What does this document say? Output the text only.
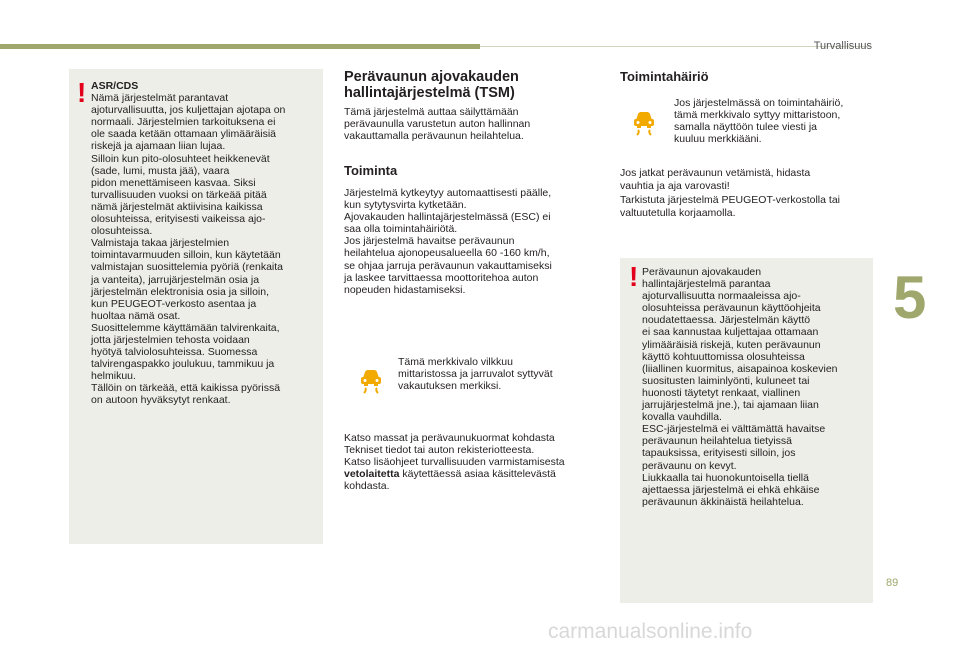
Turvallisuus
! ASR/CDS
Nämä järjestelmät parantavat
ajoturvallisuutta, jos kuljettajan ajotapa on
normaali. Järjestelmien tarkoituksena ei
ole saada ketään ottamaan ylimääräisiä
riskejä ja ajamaan liian lujaa.
Silloin kun pito-olosuhteet heikkenevät
(sade, lumi, musta jää), vaara
pidon menettämiseen kasvaa. Siksi
turvallisuuden vuoksi on tärkeää pitää
nämä järjestelmät aktiivisina kaikissa
olosuhteissa, erityisesti vaikeissa ajo-
olosuhteissa.
Valmistaja takaa järjestelmien
toimintavarmuuden silloin, kun käytetään
valmistajan suosittelemia pyöriä (renkaita
ja vanteita), jarrujärjestelmän osia ja
järjestelmän elektronisia osia ja silloin,
kun PEUGEOT-verkosto asentaa ja
huoltaa nämä osat.
Suosittelemme käyttämään talvirenkaita,
jotta järjestelmien tehosta voidaan
hyötyä talviolosuhteissa. Suomessa
talvirengaspakko joulukuu, tammikuu ja
helmikuu.
Tällöin on tärkeää, että kaikissa pyörissä
on autoon hyväksytyt renkaat.
Perävaunun ajovakauden
hallintajärjestelmä (TSM)
Tämä järjestelmä auttaa säilyttämään
perävaunulla varustetun auton hallinnan
vakauttamalla perävaunun heilahtelua.
Toiminta
Järjestelmä kytkeytyy automaattisesti päälle,
kun sytytysvirta kytketään.
Ajovakauden hallintajärjestelmässä (ESC) ei
saa olla toimintahäiriötä.
Jos järjestelmä havaitse perävaunun
heilahtelua ajonopeusalueella 60 -160 km/h,
se ohjaa jarruja perävaunun vakauttamiseksi
ja laskee tarvittaessa moottoritehoa auton
nopeuden hidastamiseksi.
Tämä merkkivalo vilkkuu
mittaristossa ja jarruvalot syttyvät
vakautuksen merkiksi.
Katso massat ja perävaunukuormat kohdasta
Tekniset tiedot tai auton rekisteriotteesta.
Katso lisäohjeet turvallisuuden varmistamisesta
vetolaitetta käytettäessä asiaa käsittelevästä
kohdasta.
Toimintahäiriö
Jos järjestelmässä on toimintahäiriö,
tämä merkkivalo syttyy mittaristoon,
samalla näyttöön tulee viesti ja
kuuluu merkkiääni.
Jos jatkat perävaunun vetämistä, hidasta
vauhtia ja aja varovasti!
Tarkistuta järjestelmä PEUGEOT-verkostolla tai
valtuutetulla korjaamolla.
! Perävaunun ajovakauden
hallintajärjestelmä parantaa
ajoturvallisuutta normaaleissa ajo-
olosuhteissa perävaunun käyttöohjeita
noudatettaessa. Järjestelmän käyttö
ei saa kannustaa kuljettajaa ottamaan
ylimääräisiä riskejä, kuten perävaunun
käyttö kohtuuttomissa olosuhteissa
(liiallinen kuormitus, aisapainoa koskevien
suositusten laiminlyönti, kuluneet tai
huonosti täytetyt renkaat, viallinen
jarrujärjestelmä jne.), tai ajamaan liian
kovalla vauhdilla.
ESC-järjestelmä ei välttämättä havaitse
perävaunun heilahtelua tietyissä
tapauksissa, erityisesti silloin, jos
perävaunu on kevyt.
Liukkaalla tai huonokuntoisella tiellä
ajettaessa järjestelmä ei ehkä ehkäise
perävaunun äkkinäistä heilahtelua.
5
89
carmanualsonline.info
